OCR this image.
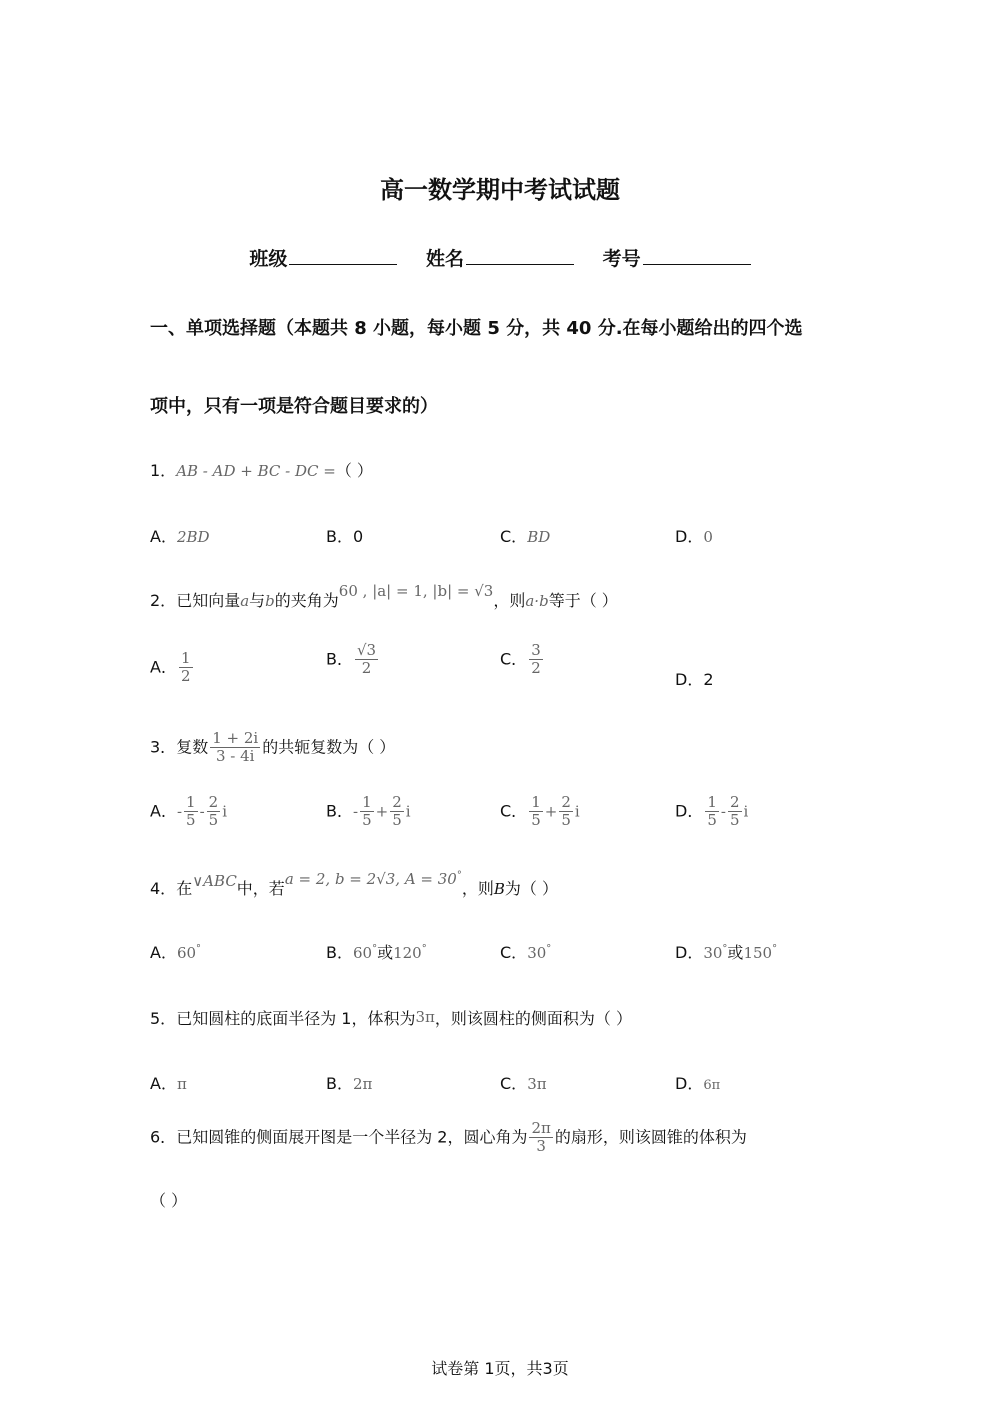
高一数学期中考试试题
班级	姓名	考号
一、单项选择题（本题共 8 小题，每小题 5 分，共 40 分.在每小题给出的四个选
项中，只有一项是符合题目要求的）
1．AB - AD + BC - DC =（ ）
A．2BD	B．0	C．BD	D．0
2．已知向量a与b的夹角为60 , |a| = 1, |b| = √3，则a·b等于（ ）
A． $\frac{1}{2}$	B． $\frac{√3}{2}$	C． $\frac{3}{2}$
D．2
3．复数 $\frac{1 + 2i}{3 - 4i}$ 的共轭复数为（ ）
A．- $\frac{1}{5} - \frac{2}{5}$ i	B．- $\frac{1}{5} + \frac{2}{5}$ i	C． $\frac{1}{5} + \frac{2}{5}$ i	D． $\frac{1}{5} - \frac{2}{5}$ i
4．在∨ABC中，若a = 2, b = 2√3, A = 30°，则B为（ ）
A．60°	B．60°或120°	C．30°	D．30°或150°
5．已知圆柱的底面半径为 1，体积为3π，则该圆柱的侧面积为（ ）
A．π	B．2π	C．3π	D．6π
6．已知圆锥的侧面展开图是一个半径为 2，圆心角为 $\frac{2\pi}{3}$ 的扇形，则该圆锥的体积为
（ ）
试卷第 1页，共3页
